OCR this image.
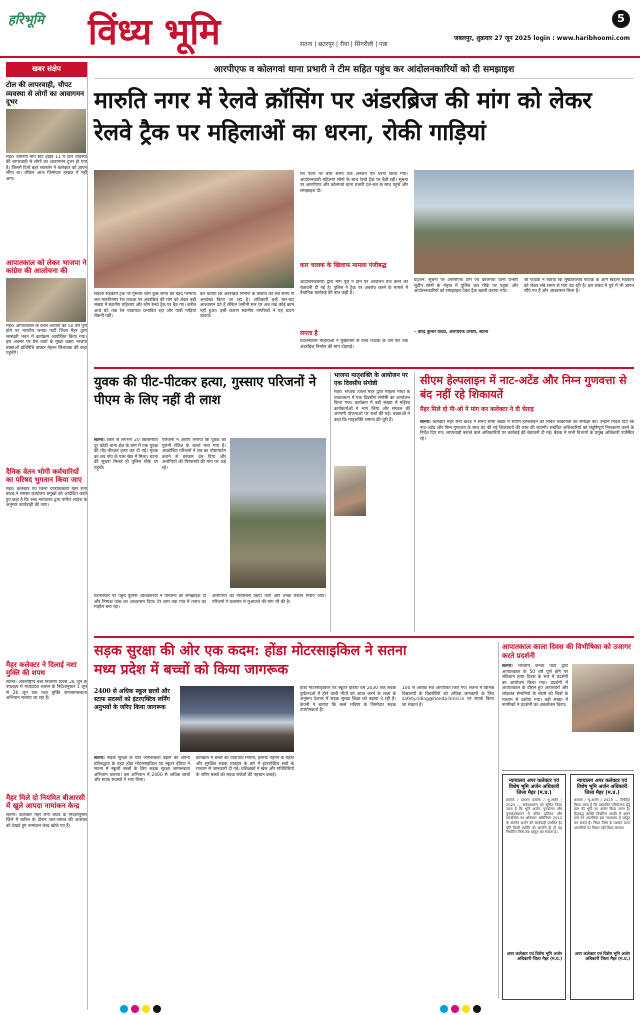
हरिभूमि विंध्य भूमि	5
सतना | छतरपुर | रीवा | सिंगरौली | पन्ना
जबलपुर, शुक्रवार 27 जून 2025 login : www.haribhoomi.com
खबर संक्षेप
टोल की लापरवाही, चौपट व्यवस्था से लोगों का आवागमन दूभर
मैहर। उमरिया मार्ग स्टेट हाईवे 11 में टोल व्यवस्था की लापरवाही से लोगों का आवागमन दूभर हो गया है। जिसमें दिनों बहरं सतरलेर ने कलेक्टर को ज्ञापन सौंपा था। लेकिन आज जिम्मेदार हरकत में नहीं आए।
आपातकाल को लेकर भाजपा ने कांग्रेस की आलोचना की
मैहर। आपातकाल के काले अध्याय का 50 वर्ष पूर्ण होने पर भारतीय जनता पार्टी जिला मैहर द्वारा सरस्वती भवन में कार्यक्रम आयोजित किया गया। इस अवसर पर प्रेस वार्ता के मुख्य वक्ता भाजपा वक्ताओं प्रतिनिधि डाक्टर मेहरन सिलावक की कहा पहुंचेंगे।
दैनिक वेतन भोगी कर्मचारियों का परिषद भुगतान किया जाए
मैहर। कलेक्टर एवं जिला दण्डाधिकारी मैहर रानी बाटड ने समस्त कार्यालय प्रमुखों को आदेशित करते हुए कहा है कि उच्च न्यायालय द्वारा पारित आदेश के अनुसार कार्यवाही की जाए।
मैहर कलेक्टर ने दिलाई नशा मुक्ति की शपथ
सतना। अंतरराष्ट्रीय नशा निवारण दिवस 26 जून के उपलक्ष्य में मध्यप्रदेश शासन के निर्देशानुसार 1 जून से 26 जून तक नशा मुक्ति जनजागरूकता अभियान चलाया जा रहा है।
मैहर मिले दो नियमित बीआरसी में खुले आपदा नामांकन केन्द्र
सतना। कलेक्टर मैहर रानी बाटड के निर्देशानुसार जिले में बारिश के दौरान जल-जमाव की आशंका को देखते हुए नामांकन केन्द्र खोले गए हैं।
आरपीएफ व कोलगवां थाना प्रभारी ने टीम सहित पहुंच कर आंदोलनकारियों को दी समझाइश
मारुति नगर में रेलवे क्रॉसिंग पर अंडरब्रिज की मांग को लेकर रेलवे ट्रैक पर महिलाओं का धरना, रोकी गाड़ियां
बिड़ला सड़कीय ट्रैक पर गुरुवार शाम कुछ समय को बेहद गरमाया जब मारुतिनगर रेल फाटक पर अंडरब्रिज की मांग को लेकर बड़ी संख्या में स्थानीय महिलाएं और लोग रेलवे ट्रैक पर बैठ गए। करीब आधे घंटे तक रेल यातायात प्रभावित रहा और यात्री गाड़ियां रोकनी पड़ीं।
कर बताया कि अंडरब्रिज निर्माण के प्रस्ताव को लंबे समय से अनदेखा किया जा रहा है। अधिकारी इन्हें बार-बार आश्वासन देते हैं लेकिन जमीनी स्तर पर अब तक कोई काम नहीं हुआ। इसी कारण स्थानीय नागरिकों ने यह कदम उठाया।
रेल पटरी पर बारी समय तक अनशन एवं धरना किया गया। आंदोलनकारी महिलाएं लोगों के साथ रेलवे ट्रैक पर बैठी रहीं। सूचना पर आरपीएफ और कोलगवां थाना प्रभारी दल-बल के साथ पहुंचे और समझाइश दी।
कार चालक के खिलाफ मामला पंजीबद्ध
आंदोलनकारियों द्वारा मांग पूरी न होने पर आंदोलन तेज करने की चेतावनी दी गई है। पुलिस ने ट्रैक पर अवरोध करने के मामले में वैधानिक कार्रवाई की बात कही है।
लगता है
प्रदर्शनकारी महिलाओं ने मुख्यमार्ग से रेलवे फाटक के उस पार तक अंडरब्रिज निर्माण की मांग दोहराई।
प्रदर्शन: सूचना पर आरपीएफ टीम एवं कोलगवां थाना प्रभारी सुदीप सोनी के नेतृत्व में पुलिस बल मौके पर पहुंचा और आंदोलनकारियों को समझाइश देकर ट्रैक खाली कराया गया।
– वीरेंद्र कुमार यादव, आरपीएफ प्रभारी, सतना
जी फाटक ने बताया कि मुख्यतालाव फाटक के आगे बिड़ला सड़कीय को लेकर लंबे समय से मांग उठ रही है। इस संबंध में पूर्व में भी ज्ञापन सौंपे गए हैं और आश्वासन मिला है।
युवक की पीट-पीटकर हत्या, गुस्साए परिजनों ने पीएम के लिए नहीं दी लाश
सतना। जिले से लगभग 20 किलोमीटर दूर कोठी थाना क्षेत्र के ग्राम में एक युवक की पीट-पीटकर हत्या कर दी गई। मृतक का शव गांव के पास खेत में मिला। घटना की सूचना मिलते ही पुलिस मौके पर पहुंची।
परिजनों ने आरोप लगाया कि युवक को पुरानी रंजिश के चलते मारा गया है। आक्रोशित परिजनों ने शव का पोस्टमार्टम कराने से इनकार कर दिया और आरोपियों की गिरफ्तारी की मांग पर अड़े रहे।
घटनास्थल पर पहुंचे पुलिस अधिकारियों ने परिजनों को समझाइश दी और निष्पक्ष जांच का आश्वासन दिया। देर शाम तक गांव में तनाव का माहौल बना रहा।
आरोपियों की गिरफ्तारी किया जाए और उनके मकान गिराए जाएं। परिजनों ने प्रशासन से मुआवजे की मांग भी की है।
भाजपा मातृशक्ति के आयोजन पर एक दिवसीय संगोष्ठी
मैहर। भाजपा जिला मैहर द्वारा महिला मोर्चा के तत्वावधान में एक दिवसीय संगोष्ठी का आयोजन किया गया। कार्यक्रम में बड़ी संख्या में महिला कार्यकर्ताओं ने भाग लिया और संगठन की आगामी योजनाओं पर चर्चा की गई। वक्ताओं ने कहा कि मातृशक्ति समाज की धुरी है।
सीएम हेल्पलाइन में नाट-अटेंड और निम्न गुणवत्ता से बंद नहीं रहे शिकायतें
मैहर मिले दो पी-ओ ने मांग कर कलेक्टर ने दी चेताइ
सतना। कलेक्टर मैहर रानी बाटड ने समय सीमा बैठक में सीएम हेल्पलाइन की लंबित शिकायतों की समीक्षा की। उन्होंने निर्देश दिए कि नाट-अटेंड और निम्न गुणवत्ता के साथ बंद की गई शिकायतों की जांच की जाएगी। संबंधित अधिकारियों को संतुष्टिपूर्ण निराकरण करने के निर्देश दिए गए। लापरवाही बरतने वाले अधिकारियों पर कार्रवाई की चेतावनी दी गई। बैठक में सभी विभागों के प्रमुख अधिकारी उपस्थित रहे।
सड़क सुरक्षा की ओर एक कदम: होंडा मोटरसाइकिल ने सतना मध्य प्रदेश में बच्चों को किया जागरूक
2400 से अधिक स्कूल छात्रों और स्टाफ सदस्यों को इंटरएक्टिव लर्निंग अनुभवों के जरिए किया जागरूक
सतना। सड़क सुरक्षा के प्रति जागरूकता बढ़ाने की अपनी प्रतिबद्धता के तहत होंडा मोटरसाइकिल एंड स्कूटर इंडिया ने सतना में स्कूली बच्चों के लिए सड़क सुरक्षा जागरूकता अभियान चलाया। इस अभियान में 2400 से अधिक छात्रों और स्टाफ सदस्यों ने भाग लिया।
कार्यक्रम में बच्चों को यातायात नियमों, हेलमेट पहनने के महत्व और सुरक्षित सड़क व्यवहार के बारे में इंटरएक्टिव सत्रों के माध्यम से जानकारी दी गई। प्रशिक्षकों ने खेल और गतिविधियों के जरिए बच्चों को सड़क संकेतों की पहचान कराई।
होंडा मोटरसाइकिल एंड स्कूटर इंडिया वर्ष 2030 तक सड़क दुर्घटनाओं में होने वाली मौतों को आधा करने के लक्ष्य के अनुरूप देशभर में सड़क सुरक्षा शिक्षा को बढ़ावा दे रही है। कंपनी ने बताया कि बच्चे भविष्य के जिम्मेदार सड़क उपयोगकर्ता हैं।
100 से अधिक सत्र आयोजित किए गए। सतना में विभिन्न विद्यालयों के विद्यार्थियों को अधिक जानकारी के लिए safety.riding@honda.hmsi.in पर संपर्क किया जा सकता है।
आपातकाल काला दिवस की विभीषिका को उजागर करते प्रदर्शनी
सतना। भारतीय जनता पार्टी द्वारा आपातकाल के 50 वर्ष पूर्ण होने पर संविधान हत्या दिवस के रूप में प्रदर्शनी का आयोजन किया गया। प्रदर्शनी में आपातकाल के दौरान हुए अत्याचारों और लोकतंत्र सेनानियों के संघर्ष को चित्रों के माध्यम से दर्शाया गया। बड़ी संख्या में नागरिकों ने प्रदर्शनी का अवलोकन किया।
न्यायालय अपर कलेक्टर एवं विशेष भूमि अर्जन अधिकारी जिला मैहर (म.प्र.)
क्रमांक / प्रकरण क्रमांक / भू-अर्जन / 2025 — सर्वसाधारण को सूचित किया जाता है कि भूमि अर्जन, पुनर्वासन और पुनर्व्यवस्थापन में उचित प्रतिकर और पारदर्शिता का अधिकार अधिनियम 2013 के अंतर्गत अर्जन की कार्यवाही प्रचलित है। यदि किसी व्यक्ति को आपत्ति हो तो वह निर्धारित तिथि तक प्रस्तुत कर सकता है।
अपर कलेक्टर एवं विशेष भूमि अर्जन अधिकारी जिला मैहर (म.प्र.)
न्यायालय अपर कलेक्टर एवं विशेष भूमि अर्जन अधिकारी जिला मैहर (म.प्र.)
क्रमांक / भू-अर्जन / 2025 — निवेदित किया जाता है कि प्रस्तावित परियोजना हेतु ग्राम की भूमि का अर्जन किया जाना है। हितबद्ध व्यक्ति निर्धारित अवधि में अपने दावे एवं आपत्तियां इस न्यायालय में प्रस्तुत कर सकते हैं। नियत तिथि के पश्चात प्राप्त आपत्तियों पर विचार नहीं किया जाएगा।
अपर कलेक्टर एवं विशेष भूमि अर्जन अधिकारी जिला मैहर (म.प्र.)
